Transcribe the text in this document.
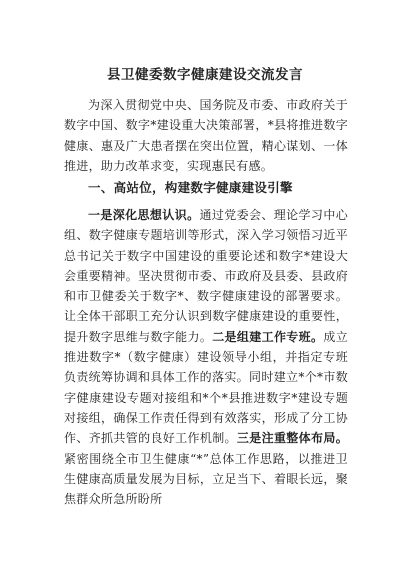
县卫健委数字健康建设交流发言
为深入贯彻党中央、国务院及市委、市政府关于数字中国、数字*建设重大决策部署，*县将推进数字健康、惠及广大患者摆在突出位置，精心谋划、一体推进，助力改革求变，实现惠民有感。
一、高站位，构建数字健康建设引擎
一是深化思想认识。通过党委会、理论学习中心组、数字健康专题培训等形式，深入学习领悟习近平总书记关于数字中国建设的重要论述和数字*建设大会重要精神。坚决贯彻市委、市政府及县委、县政府和市卫健委关于数字*、数字健康建设的部署要求。让全体干部职工充分认识到数字健康建设的重要性，提升数字思维与数字能力。二是组建工作专班。成立推进数字*（数字健康）建设领导小组，并指定专班负责统筹协调和具体工作的落实。同时建立*个*市数字健康建设专题对接组和*个*县推进数字*建设专题对接组，确保工作责任得到有效落实，形成了分工协作、齐抓共管的良好工作机制。三是注重整体布局。紧密围绕全市卫生健康“*”总体工作思路，以推进卫生健康高质量发展为目标，立足当下、着眼长远，聚焦群众所急所盼所
